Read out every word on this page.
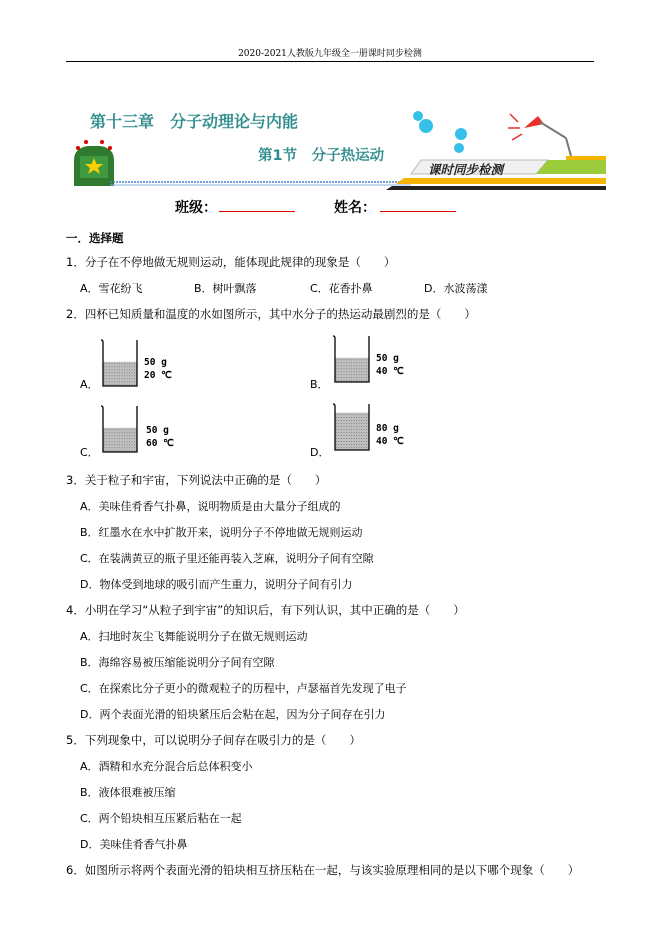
2020-2021人教版九年级全一册课时同步检测
第十三章　分子动理论与内能
第1节　分子热运动
课时同步检测
班级：	姓名：
一．选择题
1．分子在不停地做无规则运动，能体现此规律的现象是（　　）
A．雪花纷飞	B．树叶飘落	C．花香扑鼻	D．水波荡漾
2．四杯已知质量和温度的水如图所示，其中水分子的热运动最剧烈的是（　　）
A．	B．
C．	D．
50 g
20 ℃
50 g
40 ℃
50 g
60 ℃
80 g
40 ℃
3．关于粒子和宇宙，下列说法中正确的是（　　）
A．美味佳肴香气扑鼻，说明物质是由大量分子组成的
B．红墨水在水中扩散开来，说明分子不停地做无规则运动
C．在装满黄豆的瓶子里还能再装入芝麻，说明分子间有空隙
D．物体受到地球的吸引而产生重力，说明分子间有引力
4．小明在学习“从粒子到宇宙”的知识后，有下列认识，其中正确的是（　　）
A．扫地时灰尘飞舞能说明分子在做无规则运动
B．海绵容易被压缩能说明分子间有空隙
C．在探索比分子更小的微观粒子的历程中，卢瑟福首先发现了电子
D．两个表面光滑的铅块紧压后会粘在起，因为分子间存在引力
5．下列现象中，可以说明分子间存在吸引力的是（　　）
A．酒精和水充分混合后总体积变小
B．液体很难被压缩
C．两个铅块相互压紧后粘在一起
D．美味佳肴香气扑鼻
6．如图所示将两个表面光滑的铅块相互挤压粘在一起，与该实验原理相同的是以下哪个现象（　　）
